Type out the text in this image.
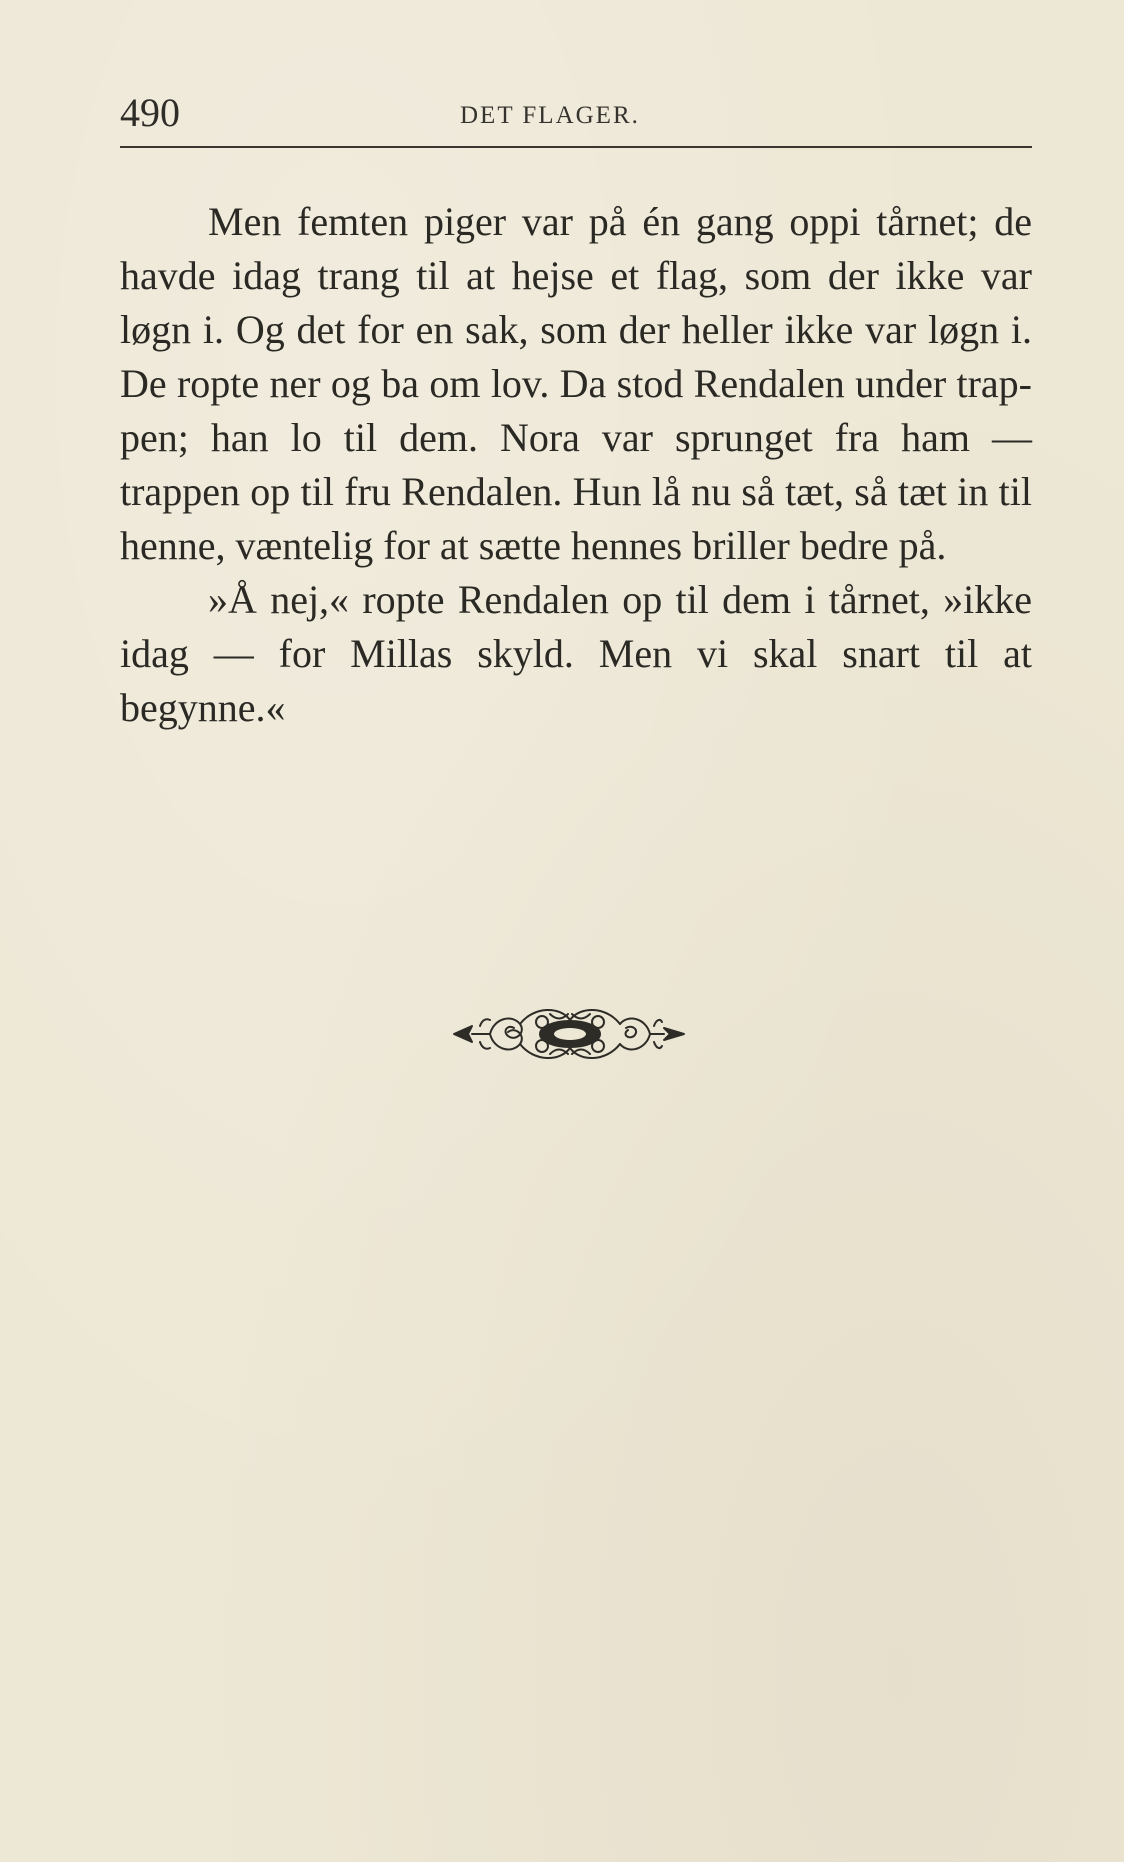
490	DET FLAGER.

Men femten piger var på én gang oppi tårnet; de havde idag trang til at hejse et flag, som der ikke var løgn i. Og det for en sak, som der heller ikke var løgn i. De ropte ner og ba om lov. Da stod Rendalen under trap-pen; han lo til dem. Nora var sprunget fra ham — trappen op til fru Rendalen. Hun lå nu så tæt, så tæt in til henne, væntelig for at sætte hennes briller bedre på.

»Å nej,« ropte Rendalen op til dem i tårnet, »ikke idag — for Millas skyld. Men vi skal snart til at begynne.«
